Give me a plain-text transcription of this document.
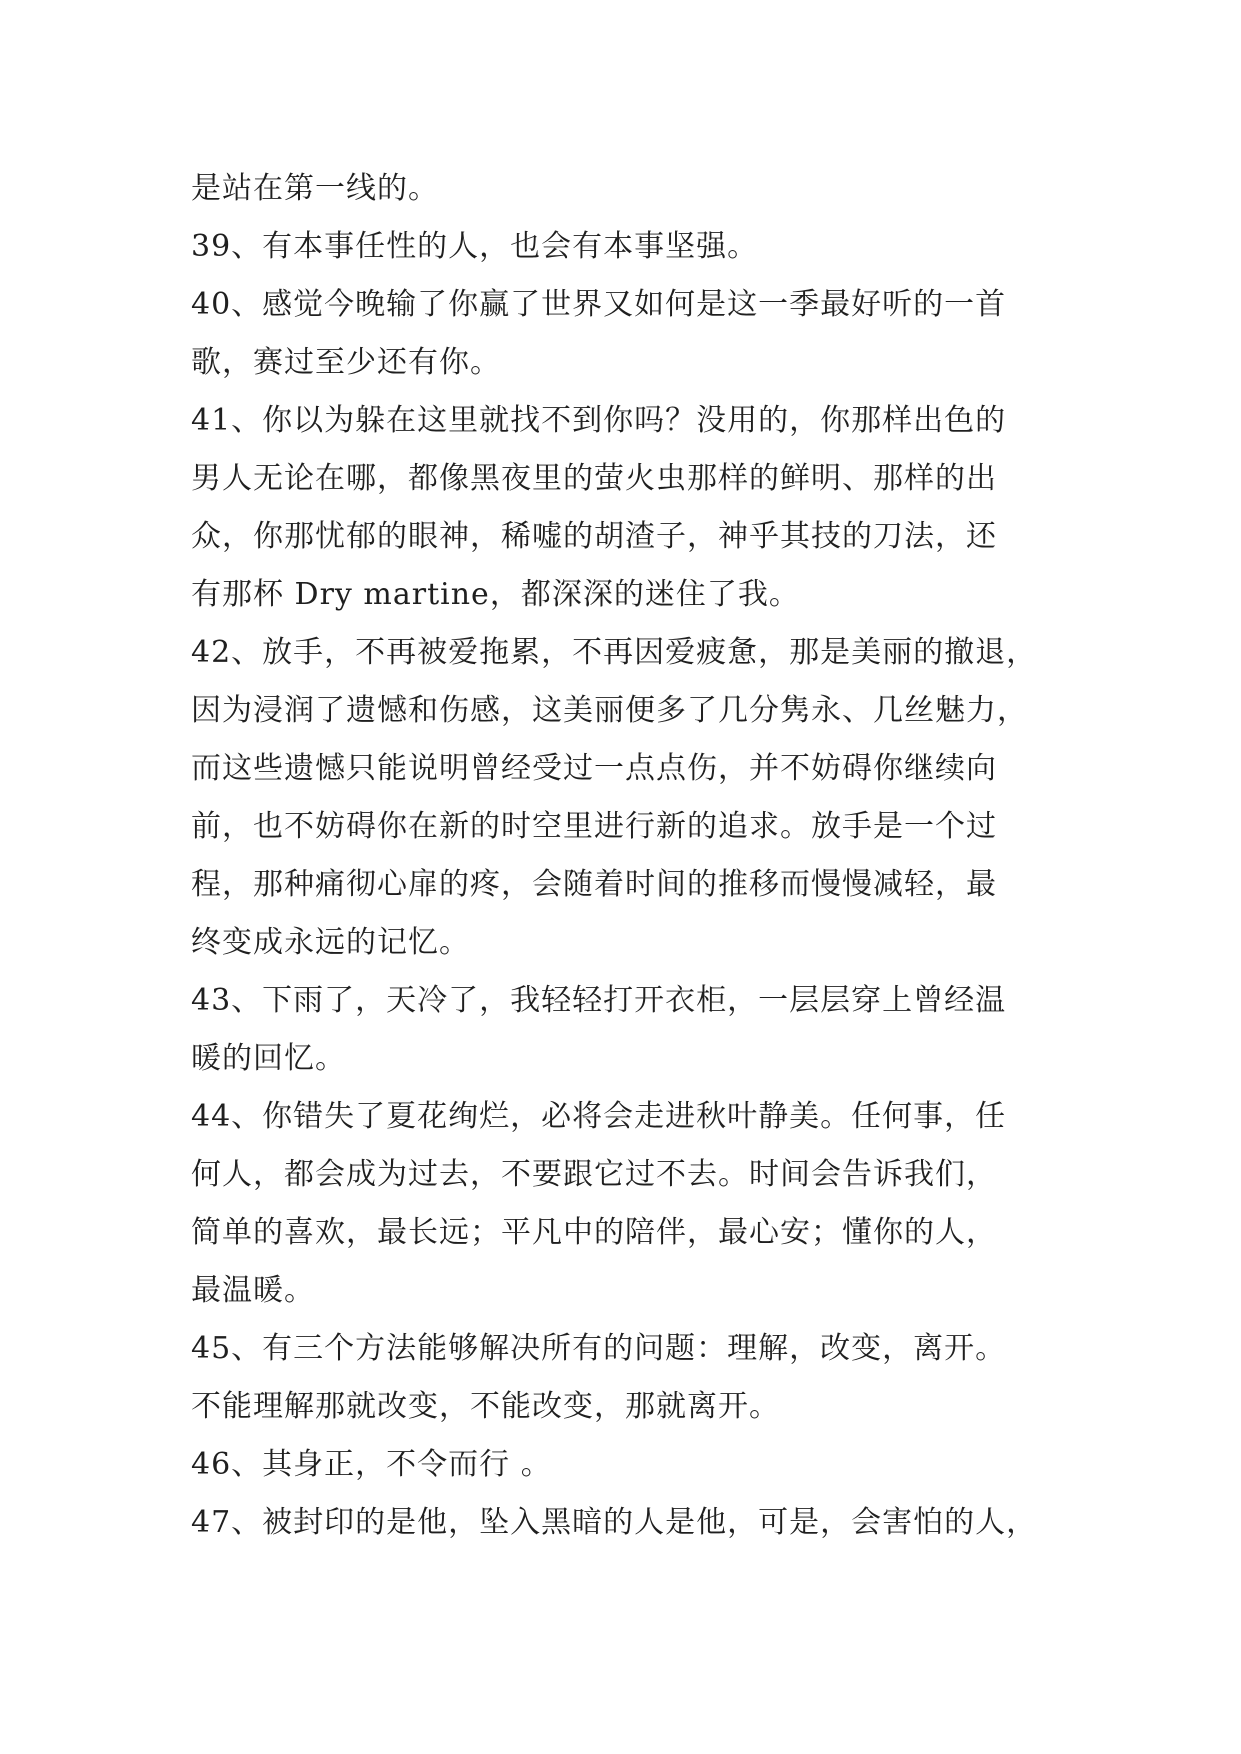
是站在第一线的。
39、有本事任性的人，也会有本事坚强。
40、感觉今晚输了你赢了世界又如何是这一季最好听的一首
歌，赛过至少还有你。
41、你以为躲在这里就找不到你吗？没用的，你那样出色的
男人无论在哪，都像黑夜里的萤火虫那样的鲜明、那样的出
众，你那忧郁的眼神，稀嘘的胡渣子，神乎其技的刀法，还
有那杯 Dry martine，都深深的迷住了我。
42、放手，不再被爱拖累，不再因爱疲惫，那是美丽的撤退，
因为浸润了遗憾和伤感，这美丽便多了几分隽永、几丝魅力，
而这些遗憾只能说明曾经受过一点点伤，并不妨碍你继续向
前，也不妨碍你在新的时空里进行新的追求。放手是一个过
程，那种痛彻心扉的疼，会随着时间的推移而慢慢减轻，最
终变成永远的记忆。
43、下雨了，天冷了，我轻轻打开衣柜，一层层穿上曾经温
暖的回忆。
44、你错失了夏花绚烂，必将会走进秋叶静美。任何事，任
何人，都会成为过去，不要跟它过不去。时间会告诉我们，
简单的喜欢，最长远；平凡中的陪伴，最心安；懂你的人，
最温暖。
45、有三个方法能够解决所有的问题：理解，改变，离开。
不能理解那就改变，不能改变，那就离开。
46、其身正，不令而行 。
47、被封印的是他，坠入黑暗的人是他，可是，会害怕的人，
